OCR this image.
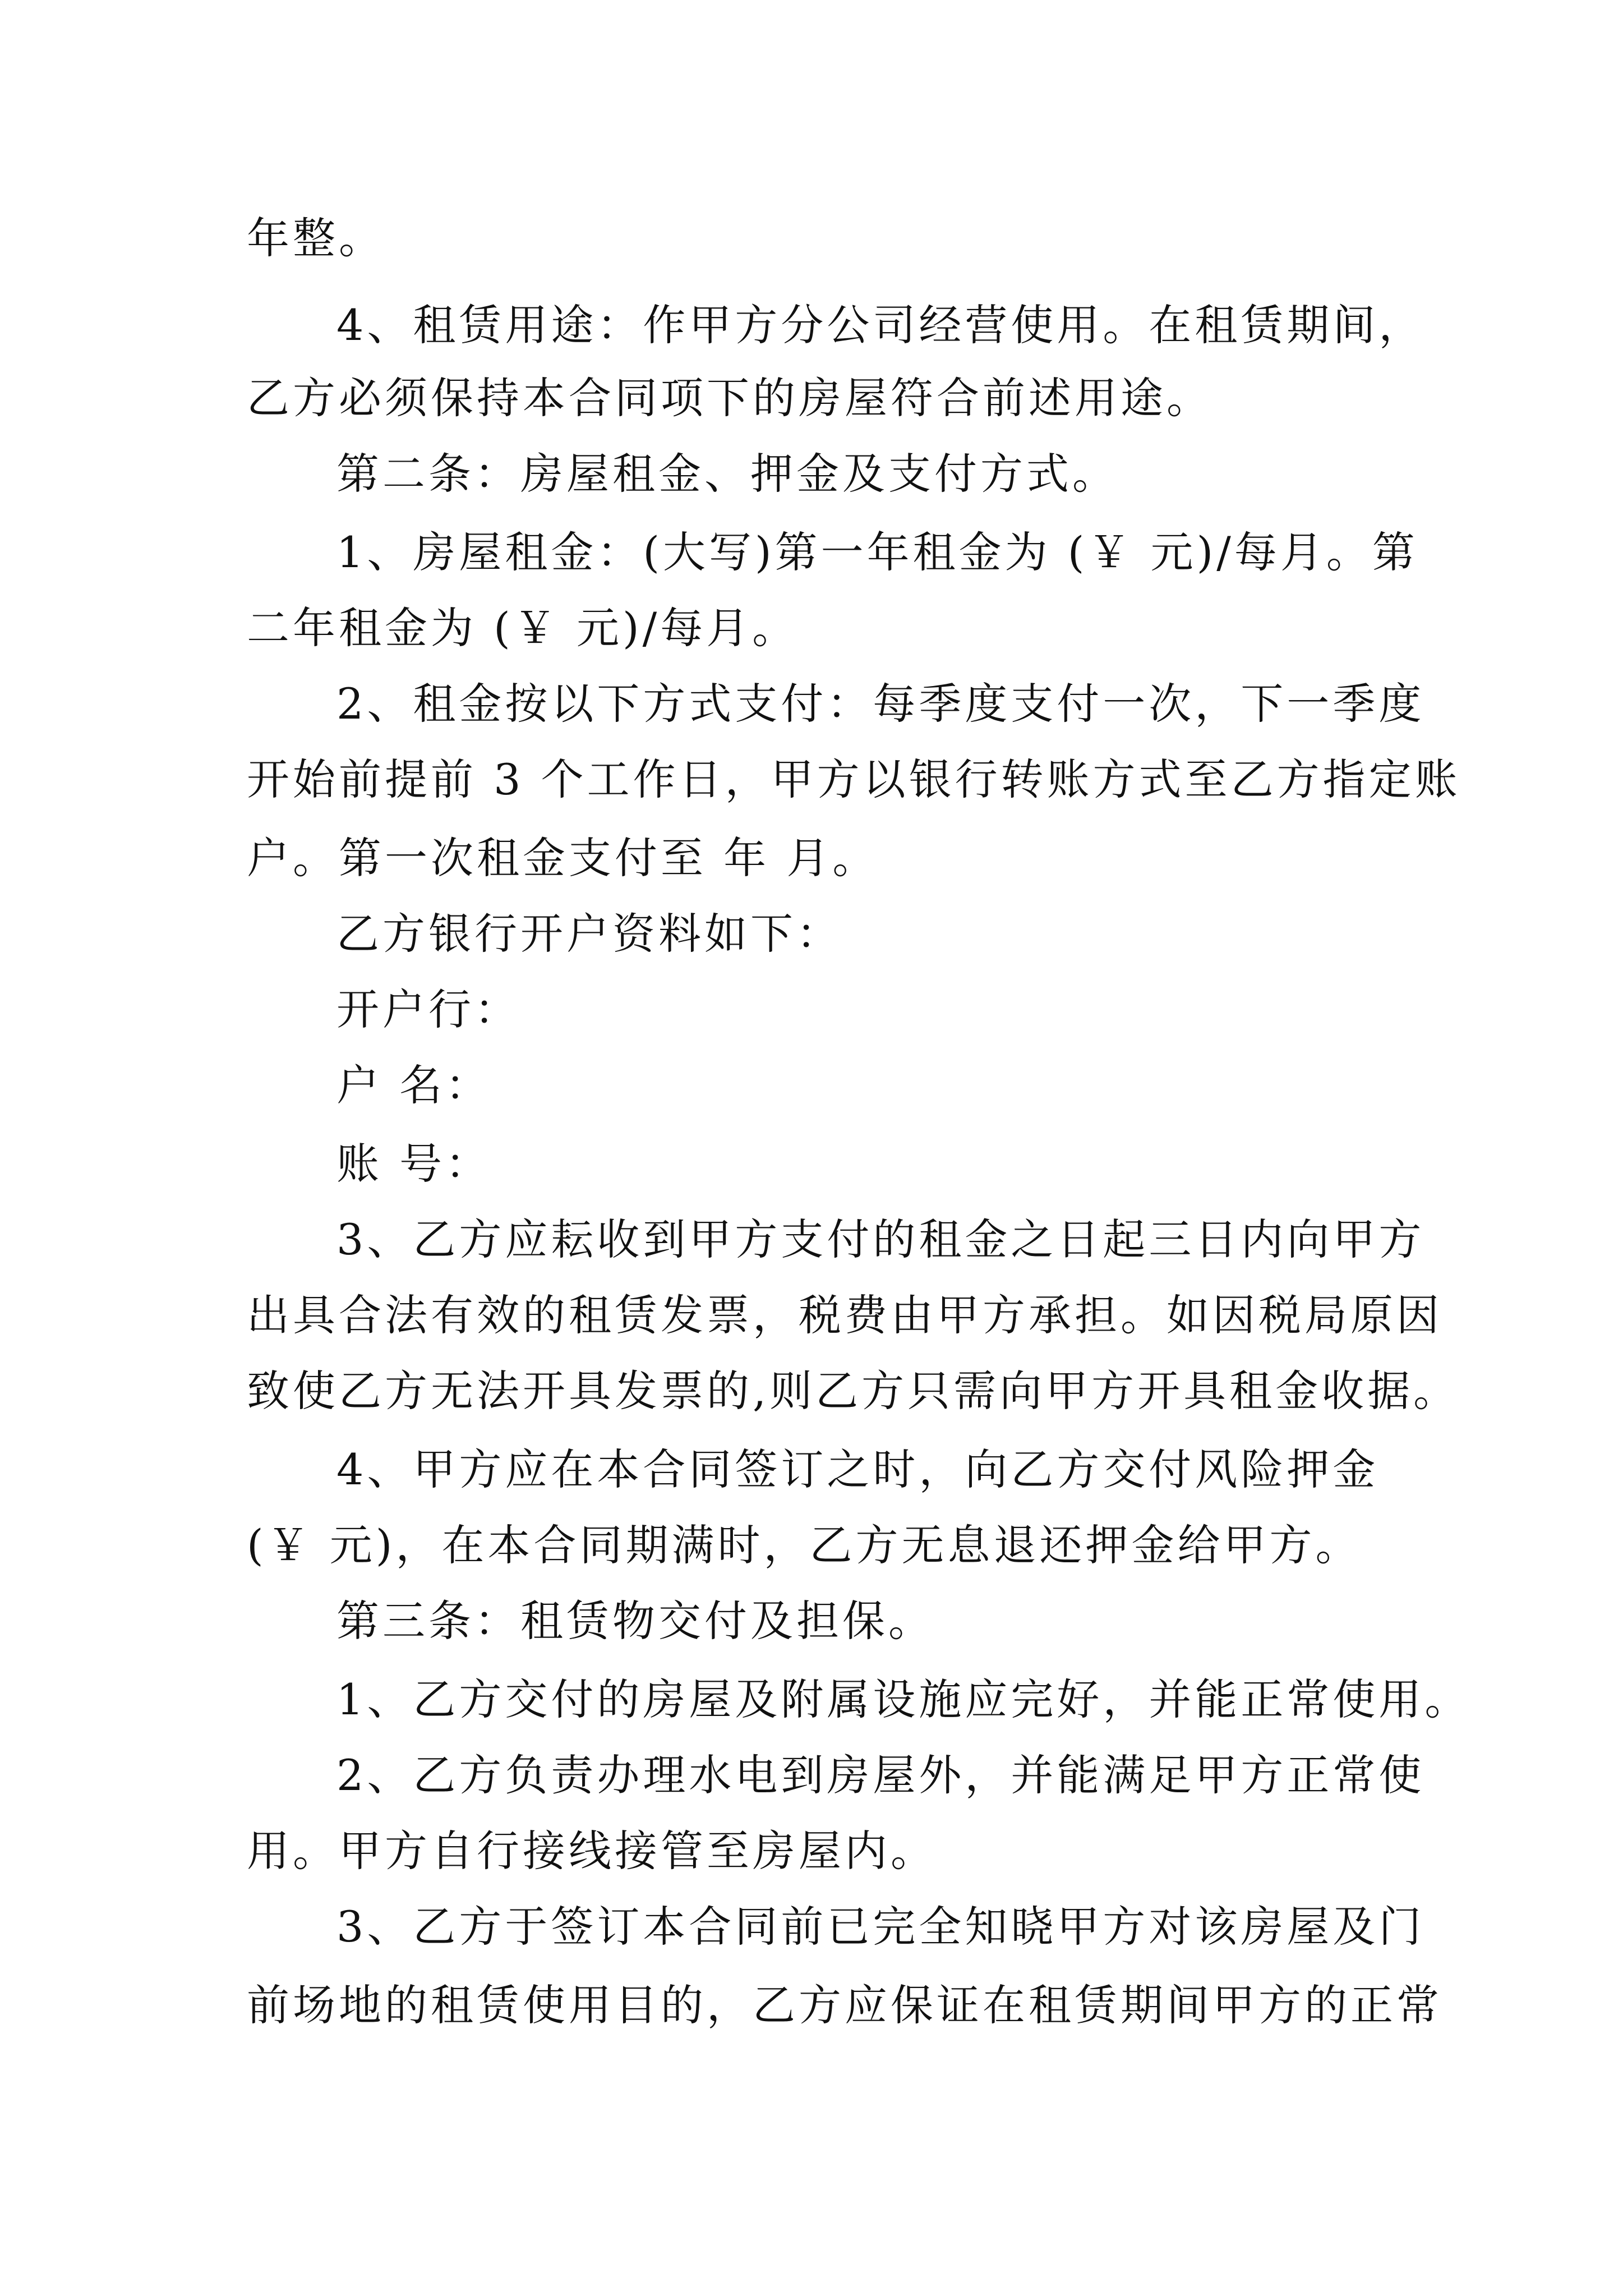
年整。
4、租赁用途：作甲方分公司经营使用。在租赁期间，
乙方必须保持本合同项下的房屋符合前述用途。
第二条：房屋租金、押金及支付方式。
1、房屋租金：(大写)第一年租金为 (￥ 元)/每月。第
二年租金为 (￥ 元)/每月。
2、租金按以下方式支付：每季度支付一次，下一季度
开始前提前 3 个工作日，甲方以银行转账方式至乙方指定账
户。第一次租金支付至 年 月。
乙方银行开户资料如下：
开户行：
户 名：
账 号：
3、乙方应耘收到甲方支付的租金之日起三日内向甲方
出具合法有效的租赁发票，税费由甲方承担。如因税局原因
致使乙方无法开具发票的,则乙方只需向甲方开具租金收据。
4、甲方应在本合同签订之时，向乙方交付风险押金
(￥ 元)，在本合同期满时，乙方无息退还押金给甲方。
第三条：租赁物交付及担保。
1、乙方交付的房屋及附属设施应完好，并能正常使用。
2、乙方负责办理水电到房屋外，并能满足甲方正常使
用。甲方自行接线接管至房屋内。
3、乙方于签订本合同前已完全知晓甲方对该房屋及门
前场地的租赁使用目的，乙方应保证在租赁期间甲方的正常
